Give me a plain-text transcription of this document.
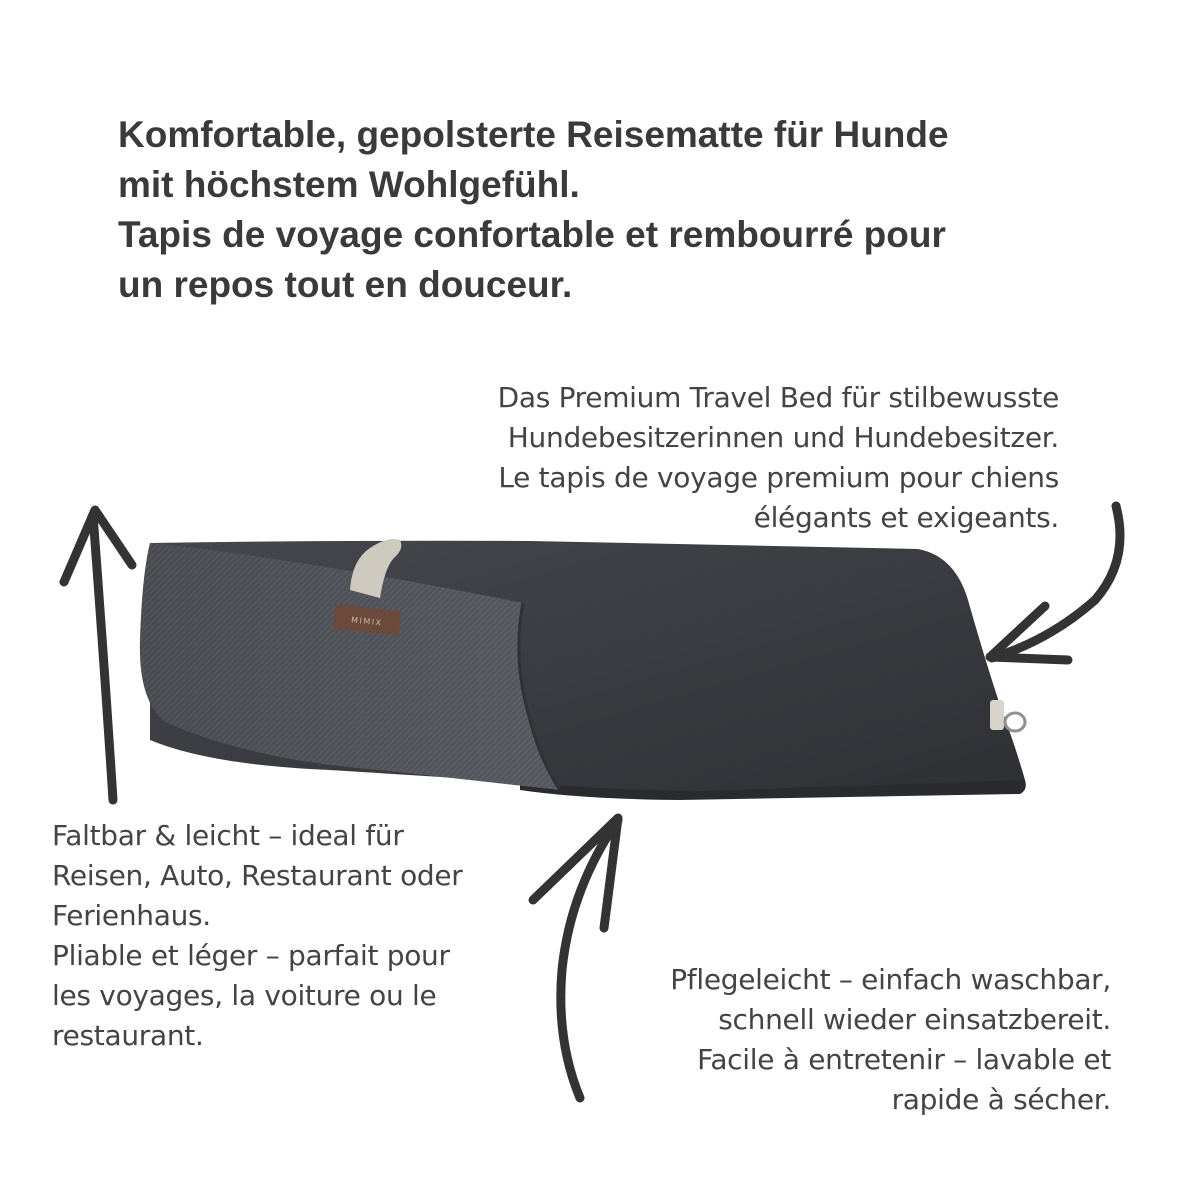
Komfortable, gepolsterte Reisematte für Hunde
mit höchstem Wohlgefühl.
Tapis de voyage confortable et rembourré pour
un repos tout en douceur.
MIMIX
Das Premium Travel Bed für stilbewusste
Hundebesitzerinnen und Hundebesitzer.
Le tapis de voyage premium pour chiens
élégants et exigeants.
Faltbar & leicht – ideal für
Reisen, Auto, Restaurant oder
Ferienhaus.
Pliable et léger – parfait pour
les voyages, la voiture ou le
restaurant.
Pflegeleicht – einfach waschbar,
schnell wieder einsatzbereit.
Facile à entretenir – lavable et
rapide à sécher.
